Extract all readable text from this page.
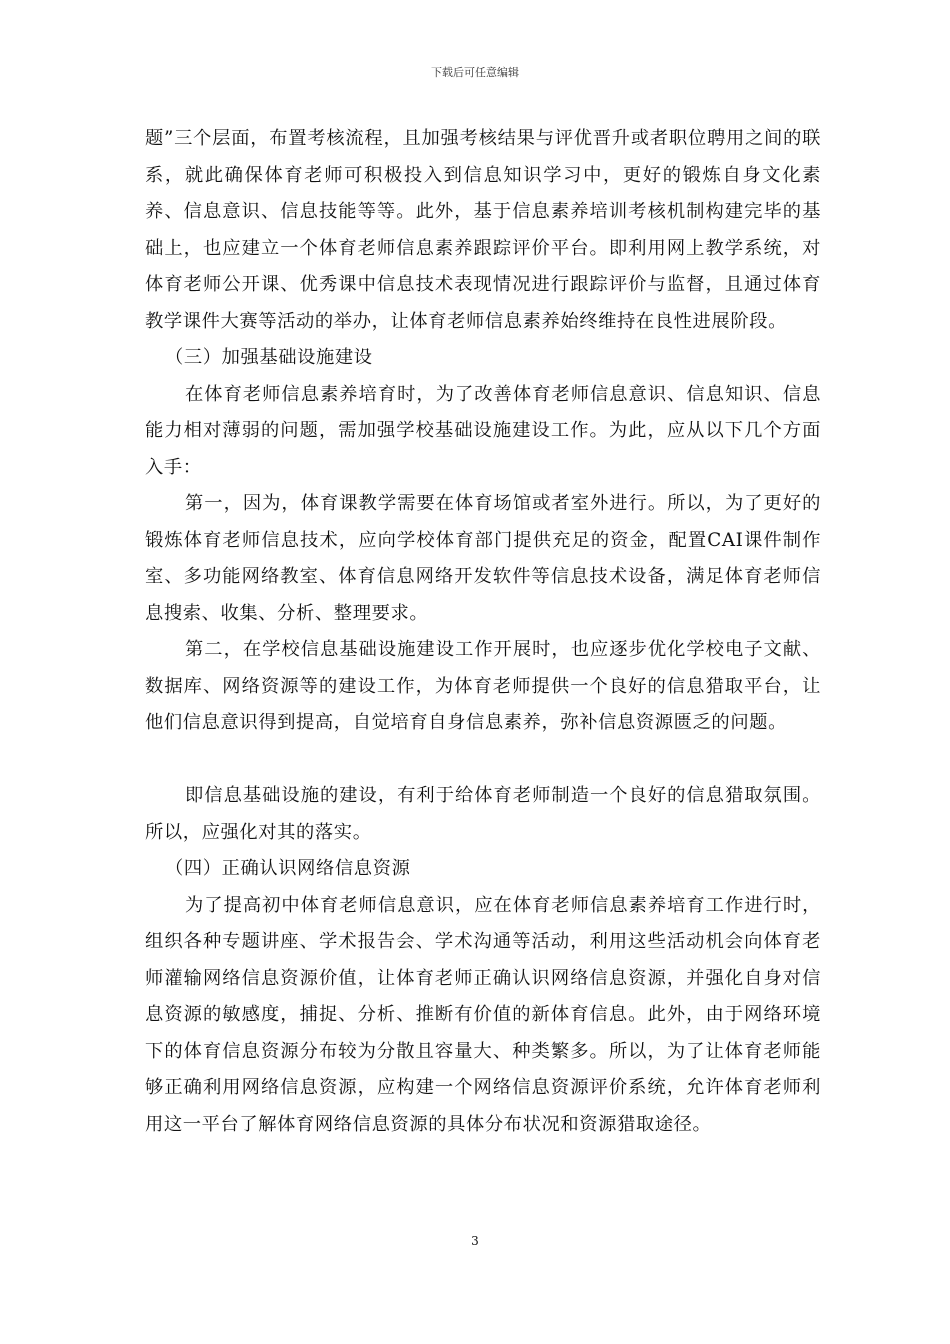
下载后可任意编辑

题”三个层面，布置考核流程，且加强考核结果与评优晋升或者职位聘用之间的联系，就此确保体育老师可积极投入到信息知识学习中，更好的锻炼自身文化素养、信息意识、信息技能等等。此外，基于信息素养培训考核机制构建完毕的基础上，也应建立一个体育老师信息素养跟踪评价平台。即利用网上教学系统，对体育老师公开课、优秀课中信息技术表现情况进行跟踪评价与监督，且通过体育教学课件大赛等活动的举办，让体育老师信息素养始终维持在良性进展阶段。

（三）加强基础设施建设

在体育老师信息素养培育时，为了改善体育老师信息意识、信息知识、信息能力相对薄弱的问题，需加强学校基础设施建设工作。为此，应从以下几个方面入手：

第一，因为，体育课教学需要在体育场馆或者室外进行。所以，为了更好的锻炼体育老师信息技术，应向学校体育部门提供充足的资金，配置CAI课件制作室、多功能网络教室、体育信息网络开发软件等信息技术设备，满足体育老师信息搜索、收集、分析、整理要求。

第二，在学校信息基础设施建设工作开展时，也应逐步优化学校电子文献、数据库、网络资源等的建设工作，为体育老师提供一个良好的信息猎取平台，让他们信息意识得到提高，自觉培育自身信息素养，弥补信息资源匮乏的问题。

即信息基础设施的建设，有利于给体育老师制造一个良好的信息猎取氛围。所以，应强化对其的落实。

（四）正确认识网络信息资源

为了提高初中体育老师信息意识，应在体育老师信息素养培育工作进行时，组织各种专题讲座、学术报告会、学术沟通等活动，利用这些活动机会向体育老师灌输网络信息资源价值，让体育老师正确认识网络信息资源，并强化自身对信息资源的敏感度，捕捉、分析、推断有价值的新体育信息。此外，由于网络环境下的体育信息资源分布较为分散且容量大、种类繁多。所以，为了让体育老师能够正确利用网络信息资源，应构建一个网络信息资源评价系统，允许体育老师利用这一平台了解体育网络信息资源的具体分布状况和资源猎取途径。

3
